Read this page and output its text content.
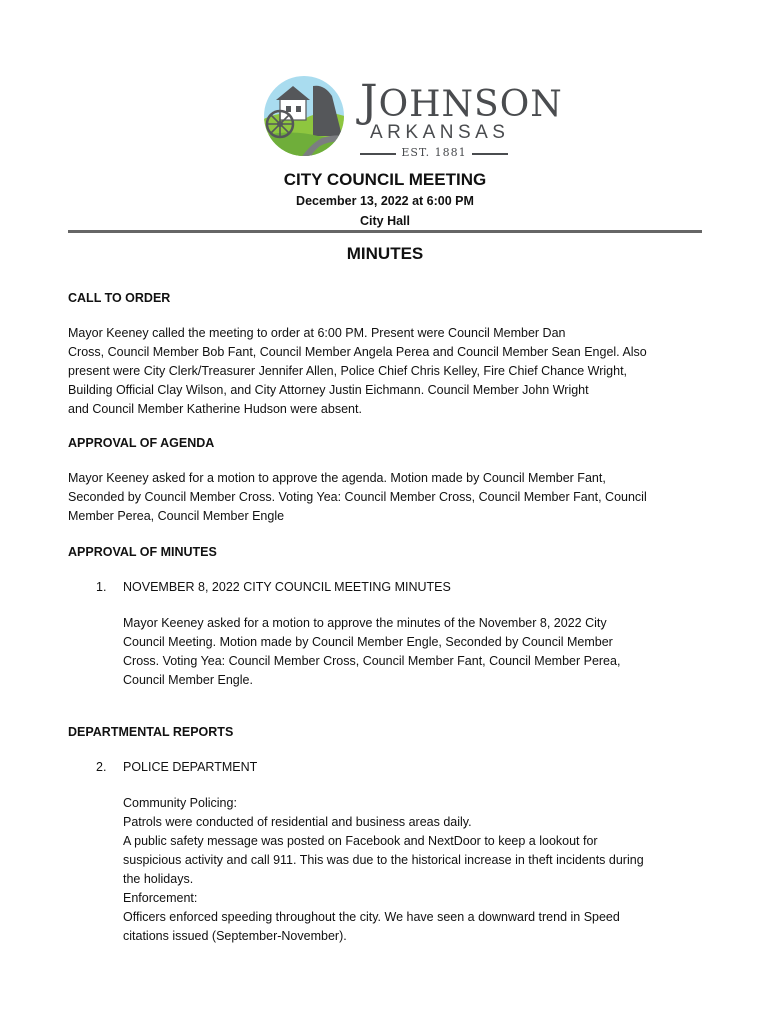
JOHNSON
ARKANSAS
EST. 1881
CITY COUNCIL MEETING
December 13, 2022 at 6:00 PM
City Hall
MINUTES
CALL TO ORDER
Mayor Keeney called the meeting to order at 6:00 PM. Present were Council Member Dan
Cross, Council Member Bob Fant, Council Member Angela Perea and Council Member Sean Engel. Also
present were City Clerk/Treasurer Jennifer Allen, Police Chief Chris Kelley, Fire Chief Chance Wright,
Building Official Clay Wilson, and City Attorney Justin Eichmann. Council Member John Wright
and Council Member Katherine Hudson were absent.
APPROVAL OF AGENDA
Mayor Keeney asked for a motion to approve the agenda. Motion made by Council Member Fant,
Seconded by Council Member Cross. Voting Yea: Council Member Cross, Council Member Fant, Council
Member Perea, Council Member Engle
APPROVAL OF MINUTES
1. NOVEMBER 8, 2022 CITY COUNCIL MEETING MINUTES
Mayor Keeney asked for a motion to approve the minutes of the November 8, 2022 City
Council Meeting. Motion made by Council Member Engle, Seconded by Council Member
Cross. Voting Yea: Council Member Cross, Council Member Fant, Council Member Perea,
Council Member Engle.
DEPARTMENTAL REPORTS
2. POLICE DEPARTMENT
Community Policing:
Patrols were conducted of residential and business areas daily.
A public safety message was posted on Facebook and NextDoor to keep a lookout for
suspicious activity and call 911. This was due to the historical increase in theft incidents during
the holidays.
Enforcement:
Officers enforced speeding throughout the city. We have seen a downward trend in Speed
citations issued (September-November).
